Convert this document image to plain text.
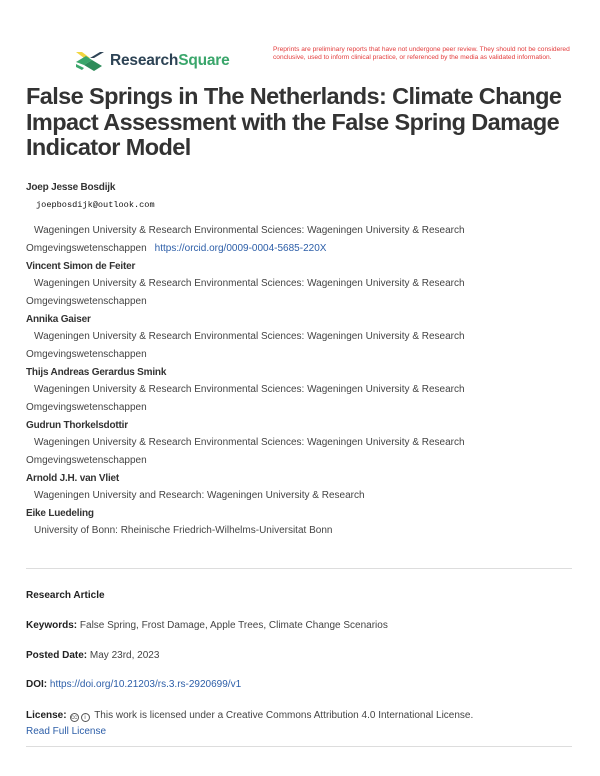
ResearchSquare
Preprints are preliminary reports that have not undergone peer review. They should not be considered conclusive, used to inform clinical practice, or referenced by the media as validated information.
False Springs in The Netherlands: Climate Change Impact Assessment with the False Spring Damage Indicator Model
Joep Jesse Bosdijk
joepbosdijk@outlook.com
Wageningen University & Research Environmental Sciences: Wageningen University & Research Omgevingswetenschappen https://orcid.org/0009-0004-5685-220X
Vincent Simon de Feiter
Wageningen University & Research Environmental Sciences: Wageningen University & Research Omgevingswetenschappen
Annika Gaiser
Wageningen University & Research Environmental Sciences: Wageningen University & Research Omgevingswetenschappen
Thijs Andreas Gerardus Smink
Wageningen University & Research Environmental Sciences: Wageningen University & Research Omgevingswetenschappen
Gudrun Thorkelsdottir
Wageningen University & Research Environmental Sciences: Wageningen University & Research Omgevingswetenschappen
Arnold J.H. van Vliet
Wageningen University and Research: Wageningen University & Research
Eike Luedeling
University of Bonn: Rheinische Friedrich-Wilhelms-Universitat Bonn
Research Article
Keywords: False Spring, Frost Damage, Apple Trees, Climate Change Scenarios
Posted Date: May 23rd, 2023
DOI: https://doi.org/10.21203/rs.3.rs-2920699/v1
License: cc	i This work is licensed under a Creative Commons Attribution 4.0 International License.
Read Full License
